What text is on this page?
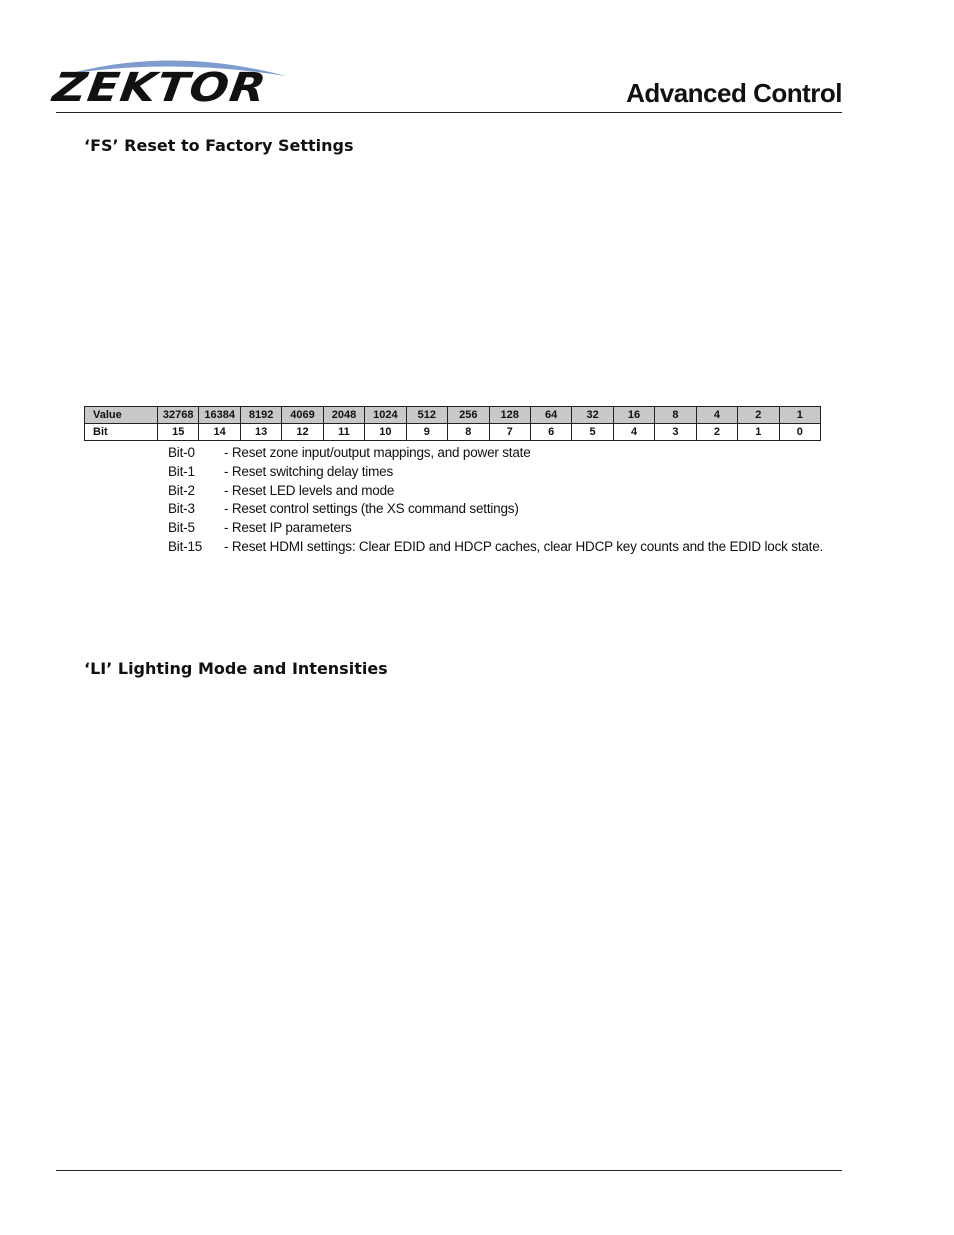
ZEKTOR	Advanced Control
‘FS’ Reset to Factory Settings
Value	32768	16384	8192	4069	2048	1024	512	256	128	64	32	16	8	4	2	1
Bit	15	14	13	12	11	10	9	8	7	6	5	4	3	2	1	0
Bit-0 - Reset zone input/output mappings, and power state
Bit-1 - Reset switching delay times
Bit-2 - Reset LED levels and mode
Bit-3 - Reset control settings (the XS command settings)
Bit-5 - Reset IP parameters
Bit-15 - Reset HDMI settings: Clear EDID and HDCP caches, clear HDCP key counts and the EDID lock state.
‘LI’ Lighting Mode and Intensities
